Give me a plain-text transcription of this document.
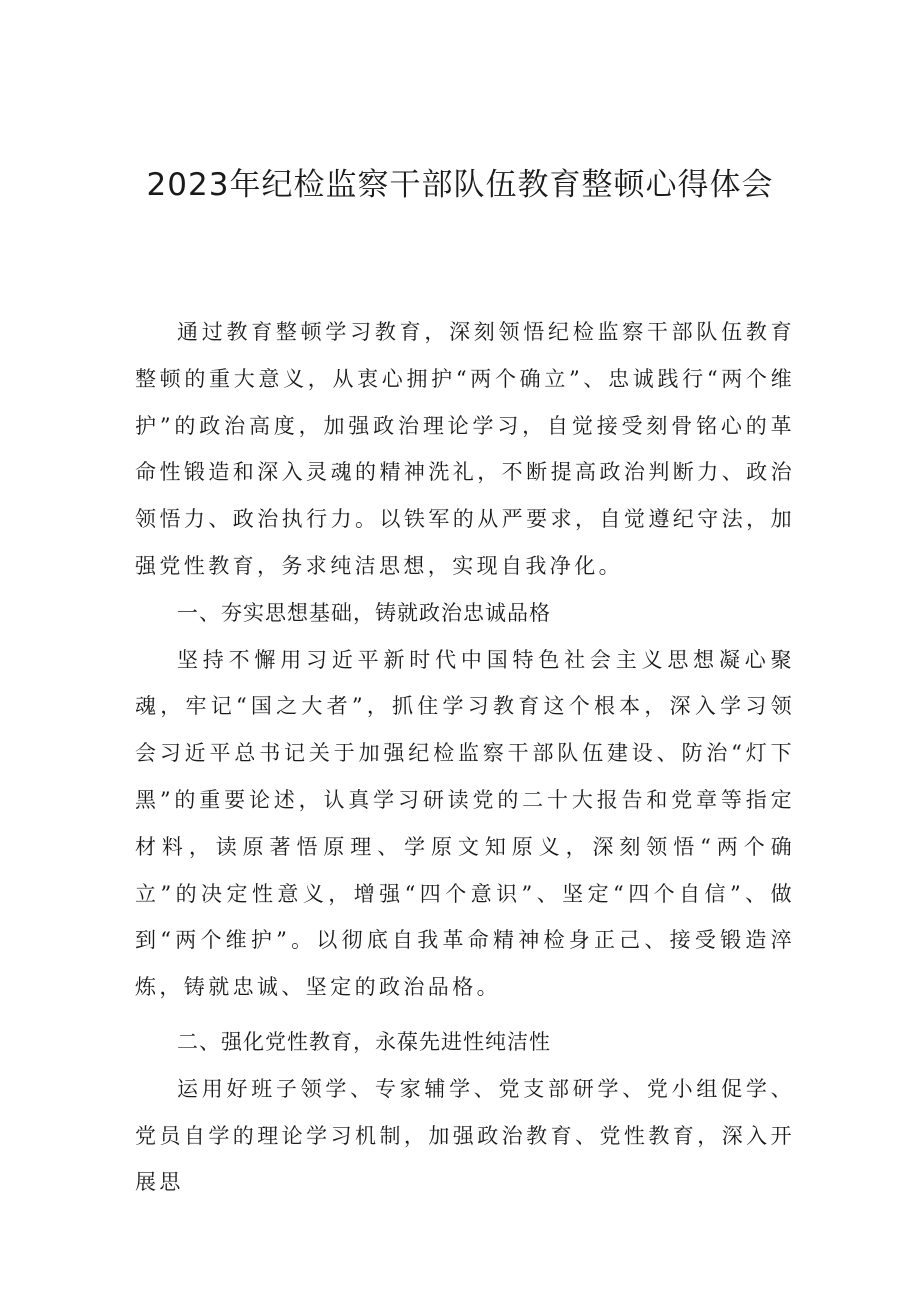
2023年纪检监察干部队伍教育整顿心得体会

通过教育整顿学习教育，深刻领悟纪检监察干部队伍教育整顿的重大意义，从衷心拥护“两个确立”、忠诚践行“两个维护”的政治高度，加强政治理论学习，自觉接受刻骨铭心的革命性锻造和深入灵魂的精神洗礼，不断提高政治判断力、政治领悟力、政治执行力。以铁军的从严要求，自觉遵纪守法，加强党性教育，务求纯洁思想，实现自我净化。

一、夯实思想基础，铸就政治忠诚品格

坚持不懈用习近平新时代中国特色社会主义思想凝心聚魂，牢记“国之大者”，抓住学习教育这个根本，深入学习领会习近平总书记关于加强纪检监察干部队伍建设、防治“灯下黑”的重要论述，认真学习研读党的二十大报告和党章等指定材料，读原著悟原理、学原文知原义，深刻领悟“两个确立”的决定性意义，增强“四个意识”、坚定“四个自信”、做到“两个维护”。以彻底自我革命精神检身正己、接受锻造淬炼，铸就忠诚、坚定的政治品格。

二、强化党性教育，永葆先进性纯洁性

运用好班子领学、专家辅学、党支部研学、党小组促学、党员自学的理论学习机制，加强政治教育、党性教育，深入开展思
